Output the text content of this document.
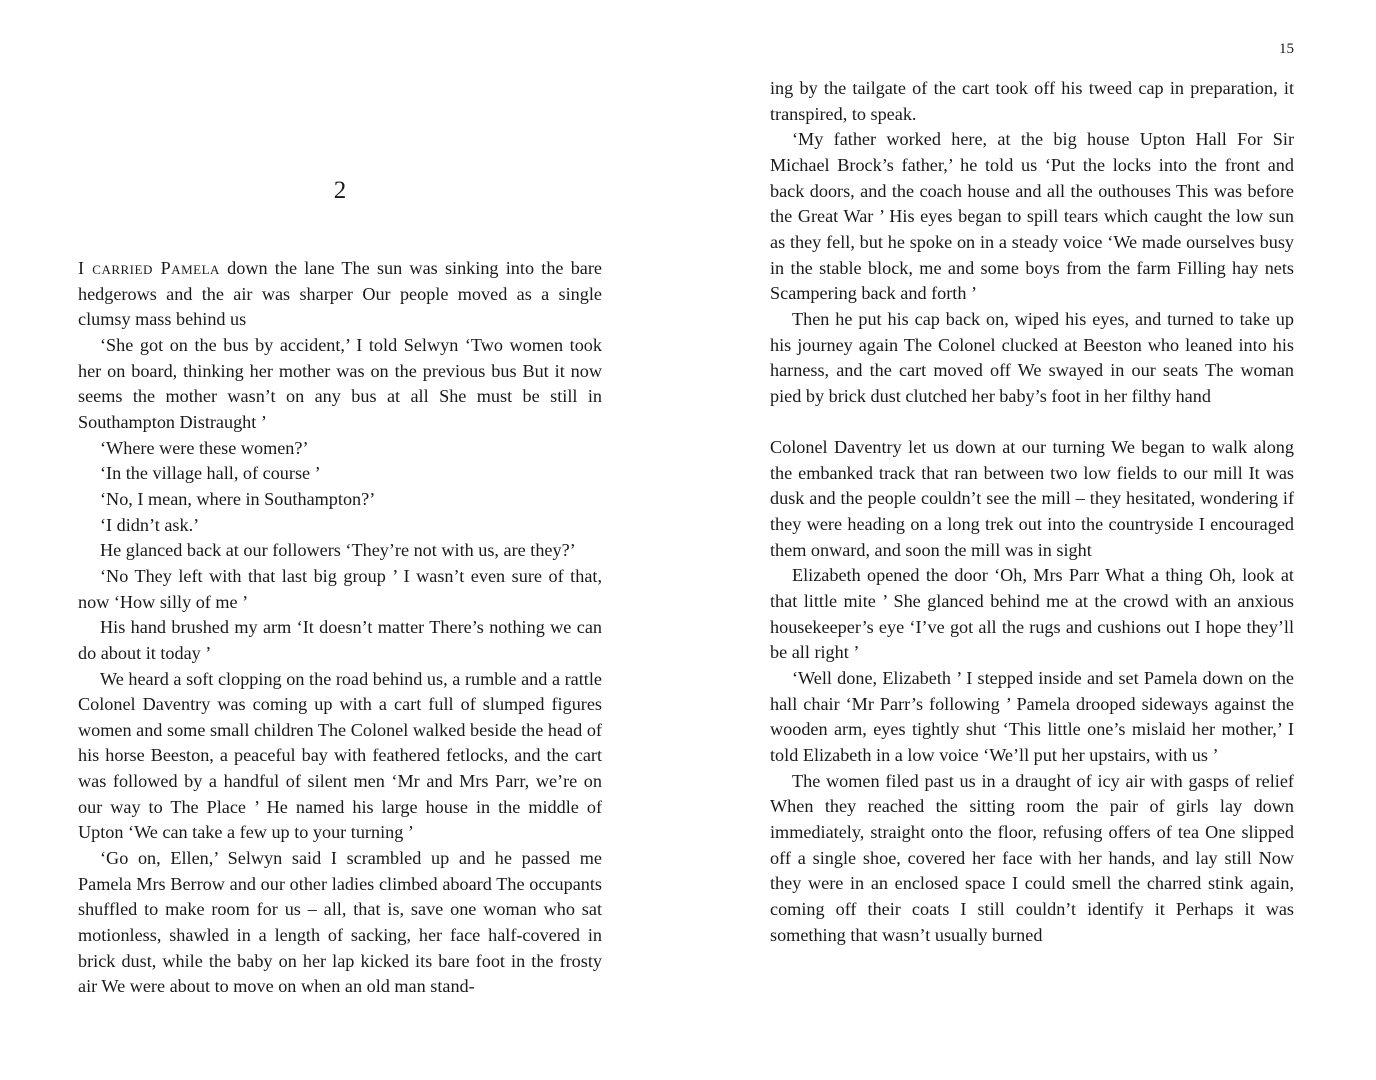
2

I carried Pamela down the lane The sun was sinking into the bare hedgerows and the air was sharper Our people moved as a single clumsy mass behind us

‘She got on the bus by accident,’ I told Selwyn ‘Two women took her on board, thinking her mother was on the previous bus But it now seems the mother wasn’t on any bus at all She must be still in Southampton Distraught ’

‘Where were these women?’

‘In the village hall, of course ’

‘No, I mean, where in Southampton?’

‘I didn’t ask.’

He glanced back at our followers ‘They’re not with us, are they?’

‘No They left with that last big group ’ I wasn’t even sure of that, now ‘How silly of me ’

His hand brushed my arm ‘It doesn’t matter There’s nothing we can do about it today ’

We heard a soft clopping on the road behind us, a rumble and a rattle Colonel Daventry was coming up with a cart full of slumped figures women and some small children The Colonel walked beside the head of his horse Beeston, a peaceful bay with feathered fetlocks, and the cart was followed by a handful of silent men ‘Mr and Mrs Parr, we’re on our way to The Place ’ He named his large house in the middle of Upton ‘We can take a few up to your turning ’

‘Go on, Ellen,’ Selwyn said I scrambled up and he passed me Pamela Mrs Berrow and our other ladies climbed aboard The occupants shuffled to make room for us – all, that is, save one woman who sat motionless, shawled in a length of sacking, her face half-covered in brick dust, while the baby on her lap kicked its bare foot in the frosty air We were about to move on when an old man stand-

15

ing by the tailgate of the cart took off his tweed cap in preparation, it transpired, to speak.

‘My father worked here, at the big house Upton Hall For Sir Michael Brock’s father,’ he told us ‘Put the locks into the front and back doors, and the coach house and all the outhouses This was before the Great War ’ His eyes began to spill tears which caught the low sun as they fell, but he spoke on in a steady voice ‘We made ourselves busy in the stable block, me and some boys from the farm Filling hay nets Scampering back and forth ’

Then he put his cap back on, wiped his eyes, and turned to take up his journey again The Colonel clucked at Beeston who leaned into his harness, and the cart moved off We swayed in our seats The woman pied by brick dust clutched her baby’s foot in her filthy hand

Colonel Daventry let us down at our turning We began to walk along the embanked track that ran between two low fields to our mill It was dusk and the people couldn’t see the mill – they hesitated, wondering if they were heading on a long trek out into the countryside I encouraged them onward, and soon the mill was in sight

Elizabeth opened the door ‘Oh, Mrs Parr What a thing Oh, look at that little mite ’ She glanced behind me at the crowd with an anxious housekeeper’s eye ‘I’ve got all the rugs and cushions out I hope they’ll be all right ’

‘Well done, Elizabeth ’ I stepped inside and set Pamela down on the hall chair ‘Mr Parr’s following ’ Pamela drooped sideways against the wooden arm, eyes tightly shut ‘This little one’s mislaid her mother,’ I told Elizabeth in a low voice ‘We’ll put her upstairs, with us ’

The women filed past us in a draught of icy air with gasps of relief When they reached the sitting room the pair of girls lay down immediately, straight onto the floor, refusing offers of tea One slipped off a single shoe, covered her face with her hands, and lay still Now they were in an enclosed space I could smell the charred stink again, coming off their coats I still couldn’t identify it Perhaps it was something that wasn’t usually burned
